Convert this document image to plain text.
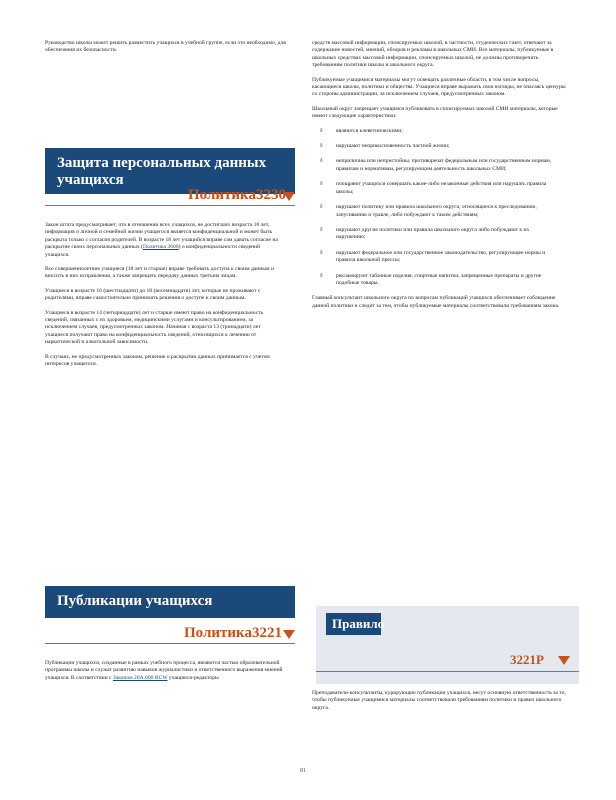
Руководство школы может решить разместить учащихся в учебной группе, если это необходимо, для обеспечения их безопасности.

Защита персональных данных
учащихся
Политика3230

Закон штата предусматривает, что в отношении всех учащихся, не достигших возраста 18 лет, информация о личной и семейной жизни учащегося является конфиденциальной и может быть раскрыта только с согласия родителей. В возрасте 18 лет учащийся вправе сам давать согласие на раскрытие своих персональных данных (Политика 3600) о конфиденциальности сведений учащихся.

Все совершеннолетние учащиеся (18 лет и старше) вправе требовать доступа к своим данным и вносить в них исправления, а также запрещать передачу данных третьим лицам.

Учащиеся в возрасте 16 (шестнадцати) до 18 (восемнадцати) лет, которые не проживают с родителями, вправе самостоятельно принимать решения о доступе к своим данным.

Учащиеся в возрасте 14 (четырнадцати) лет и старше имеют право на конфиденциальность сведений, связанных с их здоровьем, медицинскими услугами и консультированием, за исключением случаев, предусмотренных законом. Начиная с возраста 13 (тринадцати) лет учащиеся получают право на конфиденциальность сведений, относящихся к лечению от наркотической и алкогольной зависимости.

В случаях, не предусмотренных законом, решение о раскрытии данных принимается с учетом интересов учащегося.

Публикации учащихся
Политика3221

Публикации учащихся, созданные в рамках учебного процесса, являются частью образовательной программы школы и служат развитию навыков журналистики и ответственного выражения мнений учащихся. В соответствии с Законом 28A.600 RCW учащиеся-редакторы

средств массовой информации, спонсируемых школой, в частности, студенческих газет, отвечают за содержание новостей, мнений, обзоров и рекламы в школьных СМИ. Все материалы, публикуемые в школьных средствах массовой информации, спонсируемых школой, не должны противоречить требованиям политики школы и школьного округа.

Публикуемые учащимися материалы могут освещать различные области, в том числе вопросы, касающиеся школы, политики и общества. Учащиеся вправе выражать свои взгляды, не опасаясь цензуры со стороны администрации, за исключением случаев, предусмотренных законом.

Школьный округ запрещает учащимся публиковать в спонсируемых школой СМИ материалы, которые имеют следующие характеристики:

ð являются клеветническими;
ð нарушают неприкосновенность частной жизни;
ð неприличны или непристойны, противоречат федеральным или государственным нормам, правилам и нормативам, регулирующим деятельность школьных СМИ;
ð поощряют учащихся совершать какие-либо незаконные действия или нарушать правила школы;
ð нарушают политику или правила школьного округа, относящиеся к преследованию, запугиванию и травле, либо побуждают к таким действиям;
ð нарушают другие политики или правила школьного округа либо побуждают к их нарушению;
ð нарушают федеральное или государственное законодательство, регулирующее нормы и правила школьной прессы;
ð рекламируют табачные изделия, спиртные напитки, запрещенные препараты и другие подобные товары.

Главный консультант школьного округа по вопросам публикаций учащихся обеспечивает соблюдение данной политики и следит за тем, чтобы публикуемые материалы соответствовали требованиям закона.

Правило
3221P

Преподаватели-консультанты, курирующие публикации учащихся, несут основную ответственность за то, чтобы публикуемые учащимися материалы соответствовали требованиям политики и правил школьного округа.

81
